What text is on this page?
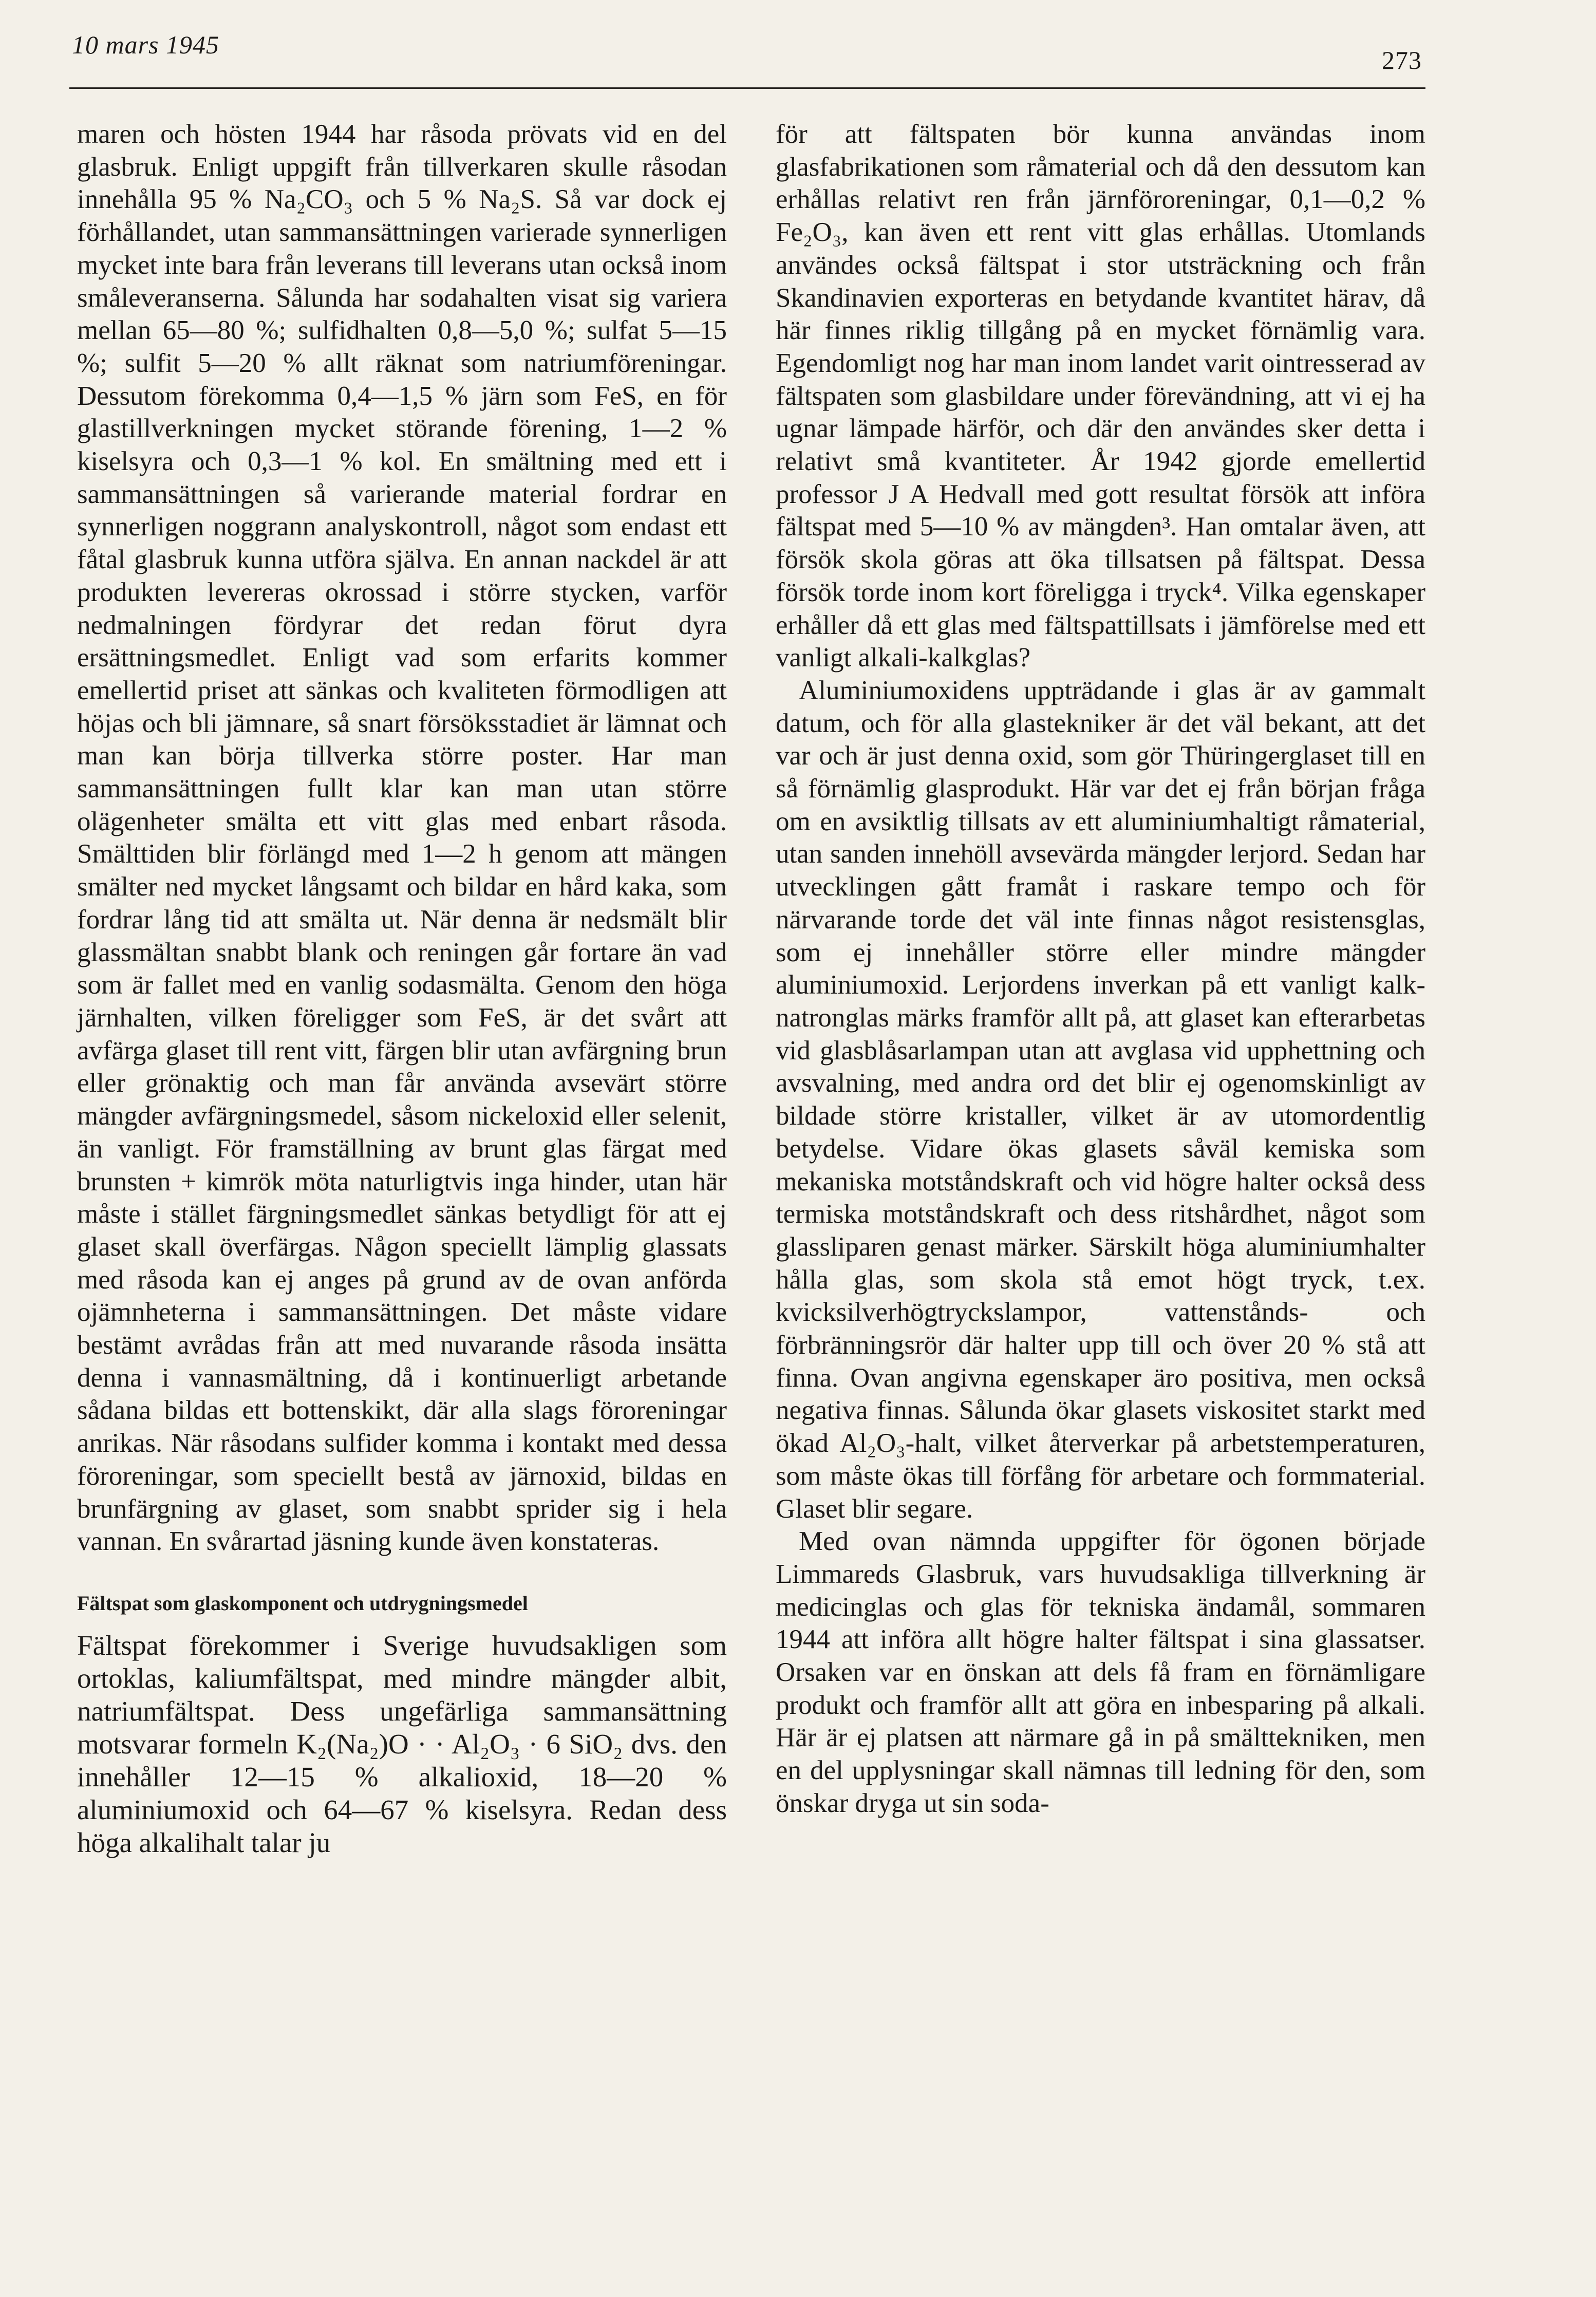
10 mars 1945
273

maren och hösten 1944 har råsoda prövats vid en del glasbruk. Enligt uppgift från tillverkaren skulle råsodan innehålla 95 % Na₂CO₃ och 5 % Na₂S. Så var dock ej förhållandet, utan sammansättningen varierade synnerligen mycket inte bara från leverans till leverans utan också inom småleveranserna. Sålunda har sodahalten visat sig variera mellan 65—80 %; sulfidhalten 0,8—5,0 %; sulfat 5—15 %; sulfit 5—20 % allt räknat som natriumföreningar. Dessutom förekomma 0,4—1,5 % järn som FeS, en för glastillverkningen mycket störande förening, 1—2 % kiselsyra och 0,3—1 % kol. En smältning med ett i sammansättningen så varierande material fordrar en synnerligen noggrann analyskontroll, något som endast ett fåtal glasbruk kunna utföra själva. En annan nackdel är att produkten levereras okrossad i större stycken, varför nedmalningen fördyrar det redan förut dyra ersättningsmedlet. Enligt vad som erfarits kommer emellertid priset att sänkas och kvaliteten förmodligen att höjas och bli jämnare, så snart försöksstadiet är lämnat och man kan börja tillverka större poster. Har man sammansättningen fullt klar kan man utan större olägenheter smälta ett vitt glas med enbart råsoda. Smälttiden blir förlängd med 1—2 h genom att mängen smälter ned mycket långsamt och bildar en hård kaka, som fordrar lång tid att smälta ut. När denna är nedsmält blir glassmältan snabbt blank och reningen går fortare än vad som är fallet med en vanlig sodasmälta. Genom den höga järnhalten, vilken föreligger som FeS, är det svårt att avfärga glaset till rent vitt, färgen blir utan avfärgning brun eller grönaktig och man får använda avsevärt större mängder avfärgningsmedel, såsom nickeloxid eller selenit, än vanligt. För framställning av brunt glas färgat med brunsten + kimrök möta naturligtvis inga hinder, utan här måste i stället färgningsmedlet sänkas betydligt för att ej glaset skall överfärgas. Någon speciellt lämplig glassats med råsoda kan ej anges på grund av de ovan anförda ojämnheterna i sammansättningen. Det måste vidare bestämt avrådas från att med nuvarande råsoda insätta denna i vannasmältning, då i kontinuerligt arbetande sådana bildas ett bottenskikt, där alla slags föroreningar anrikas. När råsodans sulfider komma i kontakt med dessa föroreningar, som speciellt bestå av järnoxid, bildas en brunfärgning av glaset, som snabbt sprider sig i hela vannan. En svårartad jäsning kunde även konstateras.

Fältspat som glaskomponent och utdrygningsmedel

Fältspat förekommer i Sverige huvudsakligen som ortoklas, kaliumfältspat, med mindre mängder albit, natriumfältspat. Dess ungefärliga sammansättning motsvarar formeln K₂(Na₂)O · · Al₂O₃ · 6 SiO₂ dvs. den innehåller 12—15 % alkalioxid, 18—20 % aluminiumoxid och 64—67 % kiselsyra. Redan dess höga alkalihalt talar ju

för att fältspaten bör kunna användas inom glasfabrikationen som råmaterial och då den dessutom kan erhållas relativt ren från järnföroreningar, 0,1—0,2 % Fe₂O₃, kan även ett rent vitt glas erhållas. Utomlands användes också fältspat i stor utsträckning och från Skandinavien exporteras en betydande kvantitet härav, då här finnes riklig tillgång på en mycket förnämlig vara. Egendomligt nog har man inom landet varit ointresserad av fältspaten som glasbildare under förevändning, att vi ej ha ugnar lämpade härför, och där den användes sker detta i relativt små kvantiteter. År 1942 gjorde emellertid professor J A Hedvall med gott resultat försök att införa fältspat med 5—10 % av mängden³. Han omtalar även, att försök skola göras att öka tillsatsen på fältspat. Dessa försök torde inom kort föreligga i tryck⁴. Vilka egenskaper erhåller då ett glas med fältspattillsats i jämförelse med ett vanligt alkali-kalkglas?

Aluminiumoxidens uppträdande i glas är av gammalt datum, och för alla glastekniker är det väl bekant, att det var och är just denna oxid, som gör Thüringerglaset till en så förnämlig glasprodukt. Här var det ej från början fråga om en avsiktlig tillsats av ett aluminiumhaltigt råmaterial, utan sanden innehöll avsevärda mängder lerjord. Sedan har utvecklingen gått framåt i raskare tempo och för närvarande torde det väl inte finnas något resistensglas, som ej innehåller större eller mindre mängder aluminiumoxid. Lerjordens inverkan på ett vanligt kalk-natronglas märks framför allt på, att glaset kan efterarbetas vid glasblåsarlampan utan att avglasa vid upphettning och avsvalning, med andra ord det blir ej ogenomskinligt av bildade större kristaller, vilket är av utomordentlig betydelse. Vidare ökas glasets såväl kemiska som mekaniska motståndskraft och vid högre halter också dess termiska motståndskraft och dess ritshårdhet, något som glassliparen genast märker. Särskilt höga aluminiumhalter hålla glas, som skola stå emot högt tryck, t.ex. kvicksilverhögtryckslampor, vattenstånds- och förbränningsrör där halter upp till och över 20 % stå att finna. Ovan angivna egenskaper äro positiva, men också negativa finnas. Sålunda ökar glasets viskositet starkt med ökad Al₂O₃-halt, vilket återverkar på arbetstemperaturen, som måste ökas till förfång för arbetare och formmaterial. Glaset blir segare.

Med ovan nämnda uppgifter för ögonen började Limmareds Glasbruk, vars huvudsakliga tillverkning är medicinglas och glas för tekniska ändamål, sommaren 1944 att införa allt högre halter fältspat i sina glassatser. Orsaken var en önskan att dels få fram en förnämligare produkt och framför allt att göra en inbesparing på alkali. Här är ej platsen att närmare gå in på smälttekniken, men en del upplysningar skall nämnas till ledning för den, som önskar dryga ut sin soda-
